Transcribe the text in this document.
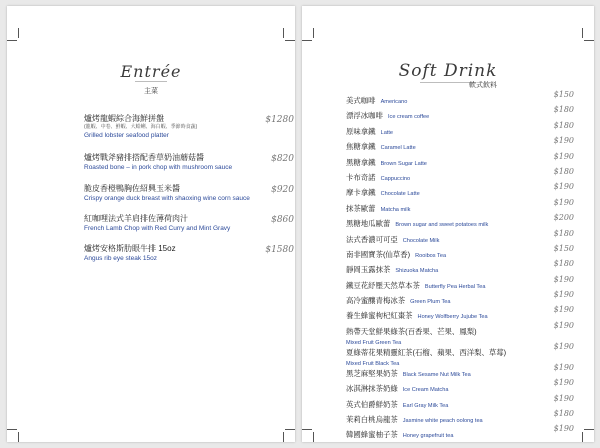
Entrée
主菜
爐烤龍蝦綜合海鮮拼盤
(龍蝦、中卷、鮮蝦、大蛤蜊、海白蝦、季節時食蔬)
Grilled lobster seafood platter
$1280
爐烤戰斧豬排搭配香草奶油蘑菇醬
Roasted bone – in pork chop with mushroom sauce
$820
脆皮香橙鴨胸佐紹興玉米醬
Crispy orange duck breast with shaoxing wine corn sauce
$920
紅咖哩法式羊肩排佐薄荷肉汁
French Lamb Chop with Red Curry and Mint Gravy
$860
爐烤安格斯肋眼牛排 15oz
Angus rib eye steak 15oz
$1580
Soft Drink
軟式飲料
美式咖啡 Americano
$150
漂浮冰咖啡 Ice cream coffee
$180
原味拿鐵 Latte
$180
焦糖拿鐵 Caramel Latte
$190
黑糖拿鐵 Brown Sugar Latte
$190
卡布奇諾 Cappuccino
$180
摩卡拿鐵 Chocolate Latte
$190
抹茶歐蕾 Matcha milk
$190
黑糖地瓜歐蕾 Brown sugar and sweet potatoes milk
$200
法式香濃可可亞 Chocolate Milk
$180
南非國寶茶(仙草香) Rooibos Tea
$150
靜岡玉露抹茶 Shizuoka Matcha
$180
鐵豆花紓壓天然草本茶 Butterfly Pea Herbal Tea
$190
高冷蜜釀青梅冰茶 Green Plum Tea
$190
養生蜂蜜枸杞紅棗茶 Honey Wolfberry Jujube Tea
$190
熱帶天堂鮮果綠茶(百香果、芒果、鳳梨)
Mixed Fruit Green Tea
$190
夏綠蒂花果精靈紅茶(石榴、蘋果、西洋梨、草莓)
Mixed Fruit Black Tea
$190
黑芝麻堅果奶茶 Black Sesame Nut Milk Tea
$190
冰淇淋抹茶奶綠 Ice Cream Matcha
$190
英式伯爵鮮奶茶 Earl Gray Milk Tea
$190
茉莉白桃烏龍茶 Jasmine white peach oolong tea
$180
韓國蜂蜜柚子茶 Honey grapefruit tea
$190
